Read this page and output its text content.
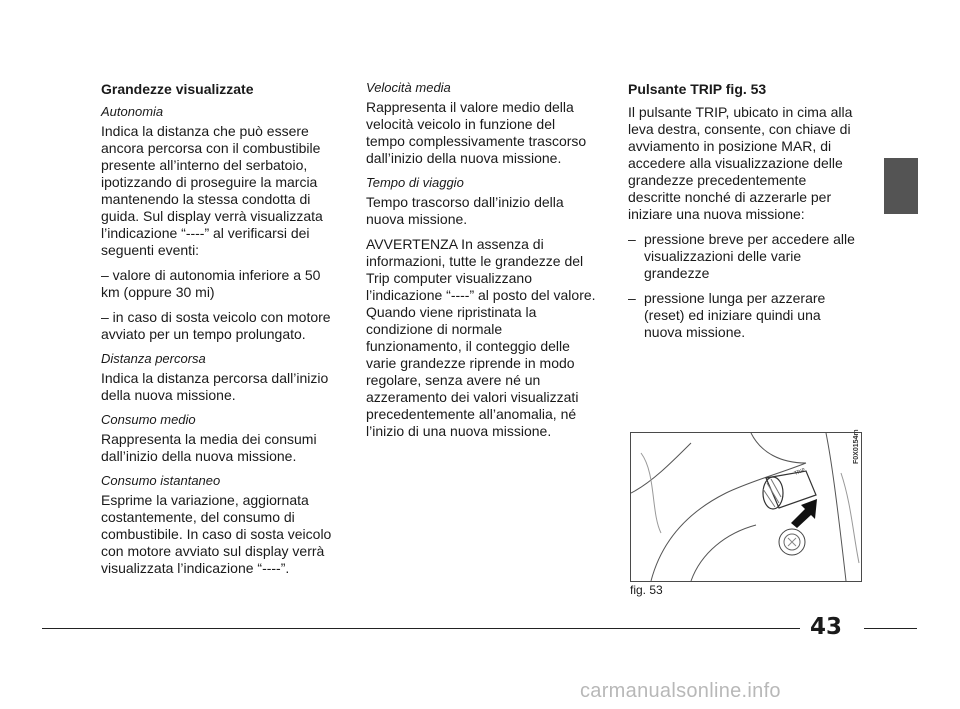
Grandezze visualizzate
Autonomia

Indica la distanza che può essere ancora percorsa con il combustibile presente all’interno del serbatoio, ipotizzando di proseguire la marcia mantenendo la stessa condotta di guida. Sul display verrà visualizzata l’indicazione “----” al verificarsi dei seguenti eventi:

– valore di autonomia inferiore a 50 km (oppure 30 mi)

– in caso di sosta veicolo con motore avviato per un tempo prolungato.

Distanza percorsa

Indica la distanza percorsa dall’inizio della nuova missione.

Consumo medio

Rappresenta la media dei consumi dall’inizio della nuova missione.

Consumo istantaneo

Esprime la variazione, aggiornata costantemente, del consumo di combustibile. In caso di sosta veicolo con motore avviato sul display verrà visualizzata l’indicazione “----”.

Velocità media

Rappresenta il valore medio della velocità veicolo in funzione del tempo complessivamente trascorso dall’inizio della nuova missione.

Tempo di viaggio

Tempo trascorso dall’inizio della nuova missione.

AVVERTENZA In assenza di informazioni, tutte le grandezze del Trip computer visualizzano l’indicazione “----” al posto del valore. Quando viene ripristinata la condizione di normale funzionamento, il conteggio delle varie grandezze riprende in modo regolare, senza avere né un azzeramento dei valori visualizzati precedentemente all’anomalia, né l’inizio di una nuova missione.

Pulsante TRIP fig. 53

Il pulsante TRIP, ubicato in cima alla leva destra, consente, con chiave di avviamento in posizione MAR, di accedere alla visualizzazione delle grandezze precedentemente descritte nonché di azzerarle per iniziare una nuova missione:

– pressione breve per accedere alle visualizzazioni delle varie grandezze
– pressione lunga per azzerare (reset) ed iniziare quindi una nuova missione.
TRIP
F0X0154m
fig. 53
43
carmanualsonline.info
